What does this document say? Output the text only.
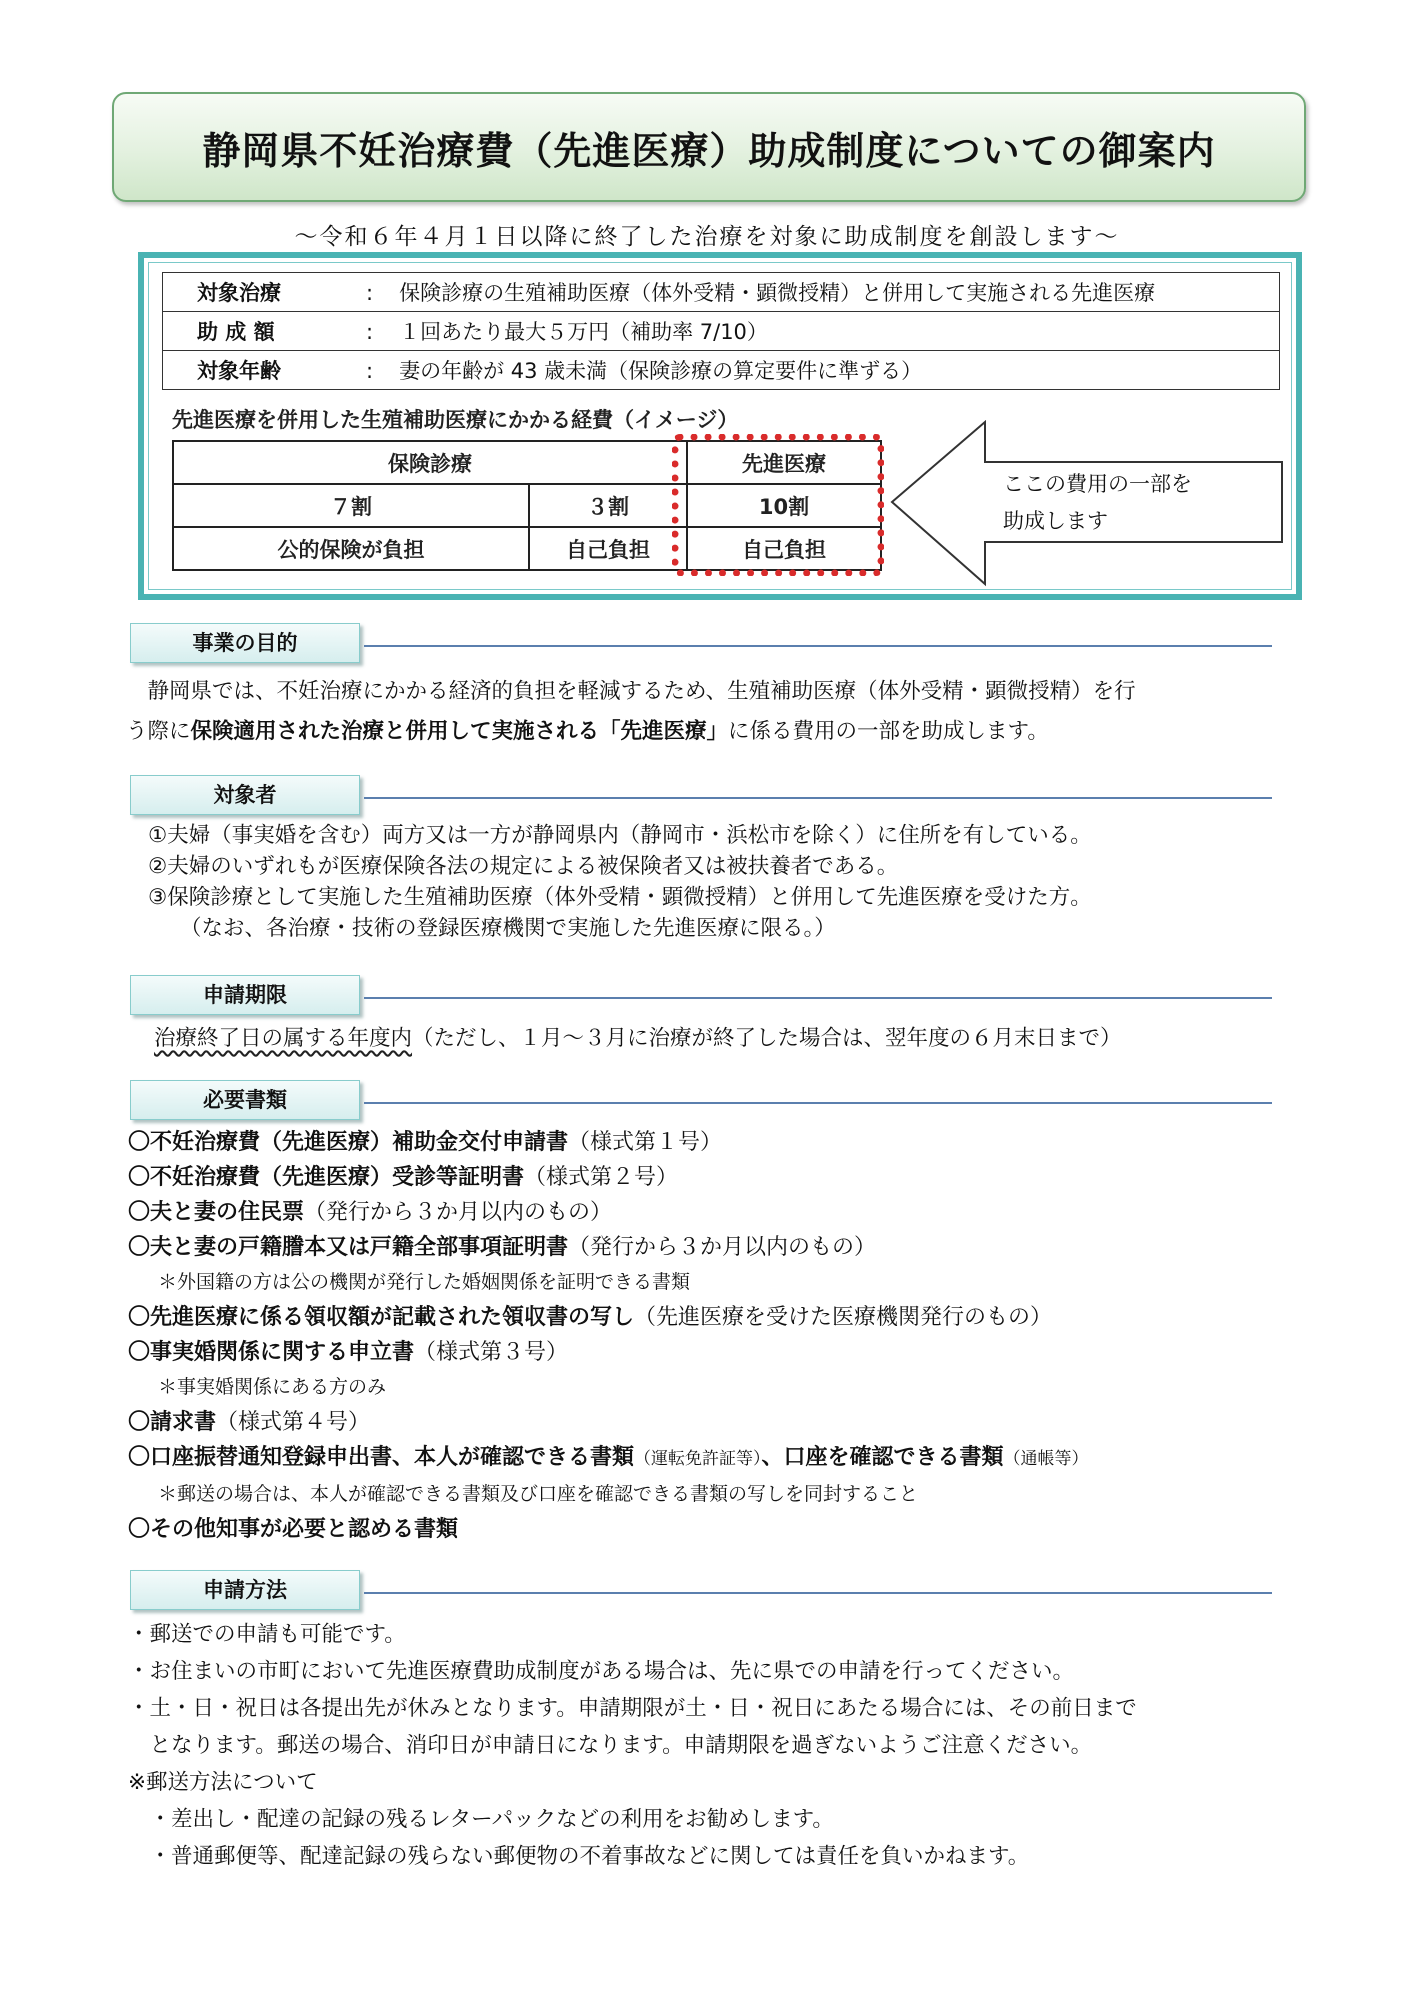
静岡県不妊治療費（先進医療）助成制度についての御案内
～令和６年４月１日以降に終了した治療を対象に助成制度を創設します～
対象治療	: 保険診療の生殖補助医療（体外受精・顕微授精）と併用して実施される先進医療
助 成 額	: １回あたり最大５万円（補助率 7/10）
対象年齢	: 妻の年齢が 43 歳未満（保険診療の算定要件に準ずる）
先進医療を併用した生殖補助医療にかかる経費（イメージ）
保険診療		先進医療
７割	３割	10割
公的保険が負担	自己負担	自己負担
ここの費用の一部を
助成します
事業の目的
　静岡県では、不妊治療にかかる経済的負担を軽減するため、生殖補助医療（体外受精・顕微授精）を行
う際に保険適用された治療と併用して実施される「先進医療」に係る費用の一部を助成します。
対象者
①夫婦（事実婚を含む）両方又は一方が静岡県内（静岡市・浜松市を除く）に住所を有している。
②夫婦のいずれもが医療保険各法の規定による被保険者又は被扶養者である。
③保険診療として実施した生殖補助医療（体外受精・顕微授精）と併用して先進医療を受けた方。
（なお、各治療・技術の登録医療機関で実施した先進医療に限る。）
申請期限
治療終了日の属する年度内（ただし、１月～３月に治療が終了した場合は、翌年度の６月末日まで）
必要書類
〇不妊治療費（先進医療）補助金交付申請書（様式第１号）
〇不妊治療費（先進医療）受診等証明書（様式第２号）
〇夫と妻の住民票（発行から３か月以内のもの）
〇夫と妻の戸籍謄本又は戸籍全部事項証明書（発行から３か月以内のもの）
＊外国籍の方は公の機関が発行した婚姻関係を証明できる書類
〇先進医療に係る領収額が記載された領収書の写し（先進医療を受けた医療機関発行のもの）
〇事実婚関係に関する申立書（様式第３号）
＊事実婚関係にある方のみ
〇請求書（様式第４号）
〇口座振替通知登録申出書、本人が確認できる書類（運転免許証等）、口座を確認できる書類（通帳等）
＊郵送の場合は、本人が確認できる書類及び口座を確認できる書類の写しを同封すること
〇その他知事が必要と認める書類
申請方法
・郵送での申請も可能です。
・お住まいの市町において先進医療費助成制度がある場合は、先に県での申請を行ってください。
・土・日・祝日は各提出先が休みとなります。申請期限が土・日・祝日にあたる場合には、その前日まで
　となります。郵送の場合、消印日が申請日になります。申請期限を過ぎないようご注意ください。
※郵送方法について
　・差出し・配達の記録の残るレターパックなどの利用をお勧めします。
　・普通郵便等、配達記録の残らない郵便物の不着事故などに関しては責任を負いかねます。
